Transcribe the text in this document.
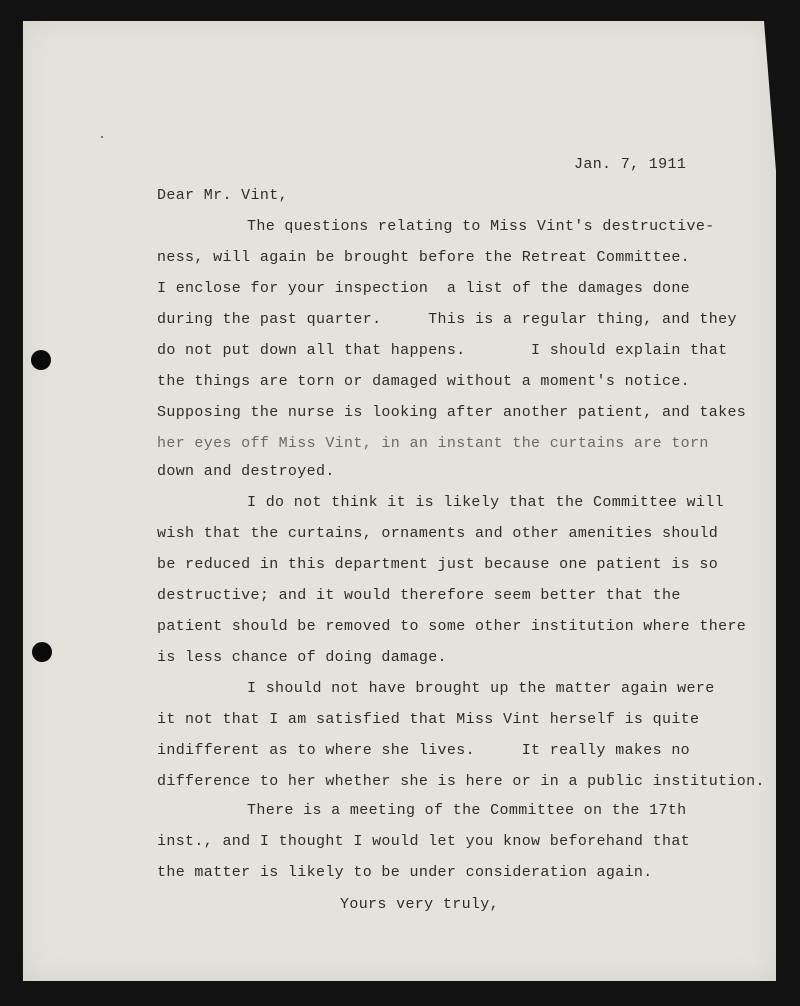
Jan. 7, 1911
Dear Mr. Vint,
The questions relating to Miss Vint's destructive-
ness, will again be brought before the Retreat Committee.
I enclose for your inspection  a list of the damages done
during the past quarter.     This is a regular thing, and they
do not put down all that happens.       I should explain that
the things are torn or damaged without a moment's notice.
Supposing the nurse is looking after another patient, and takes
her eyes off Miss Vint, in an instant the curtains are torn
down and destroyed.
I do not think it is likely that the Committee will
wish that the curtains, ornaments and other amenities should
be reduced in this department just because one patient is so
destructive; and it would therefore seem better that the
patient should be removed to some other institution where there
is less chance of doing damage.
I should not have brought up the matter again were
it not that I am satisfied that Miss Vint herself is quite
indifferent as to where she lives.     It really makes no
difference to her whether she is here or in a public institution.
There is a meeting of the Committee on the 17th
inst., and I thought I would let you know beforehand that
the matter is likely to be under consideration again.
Yours very truly,
